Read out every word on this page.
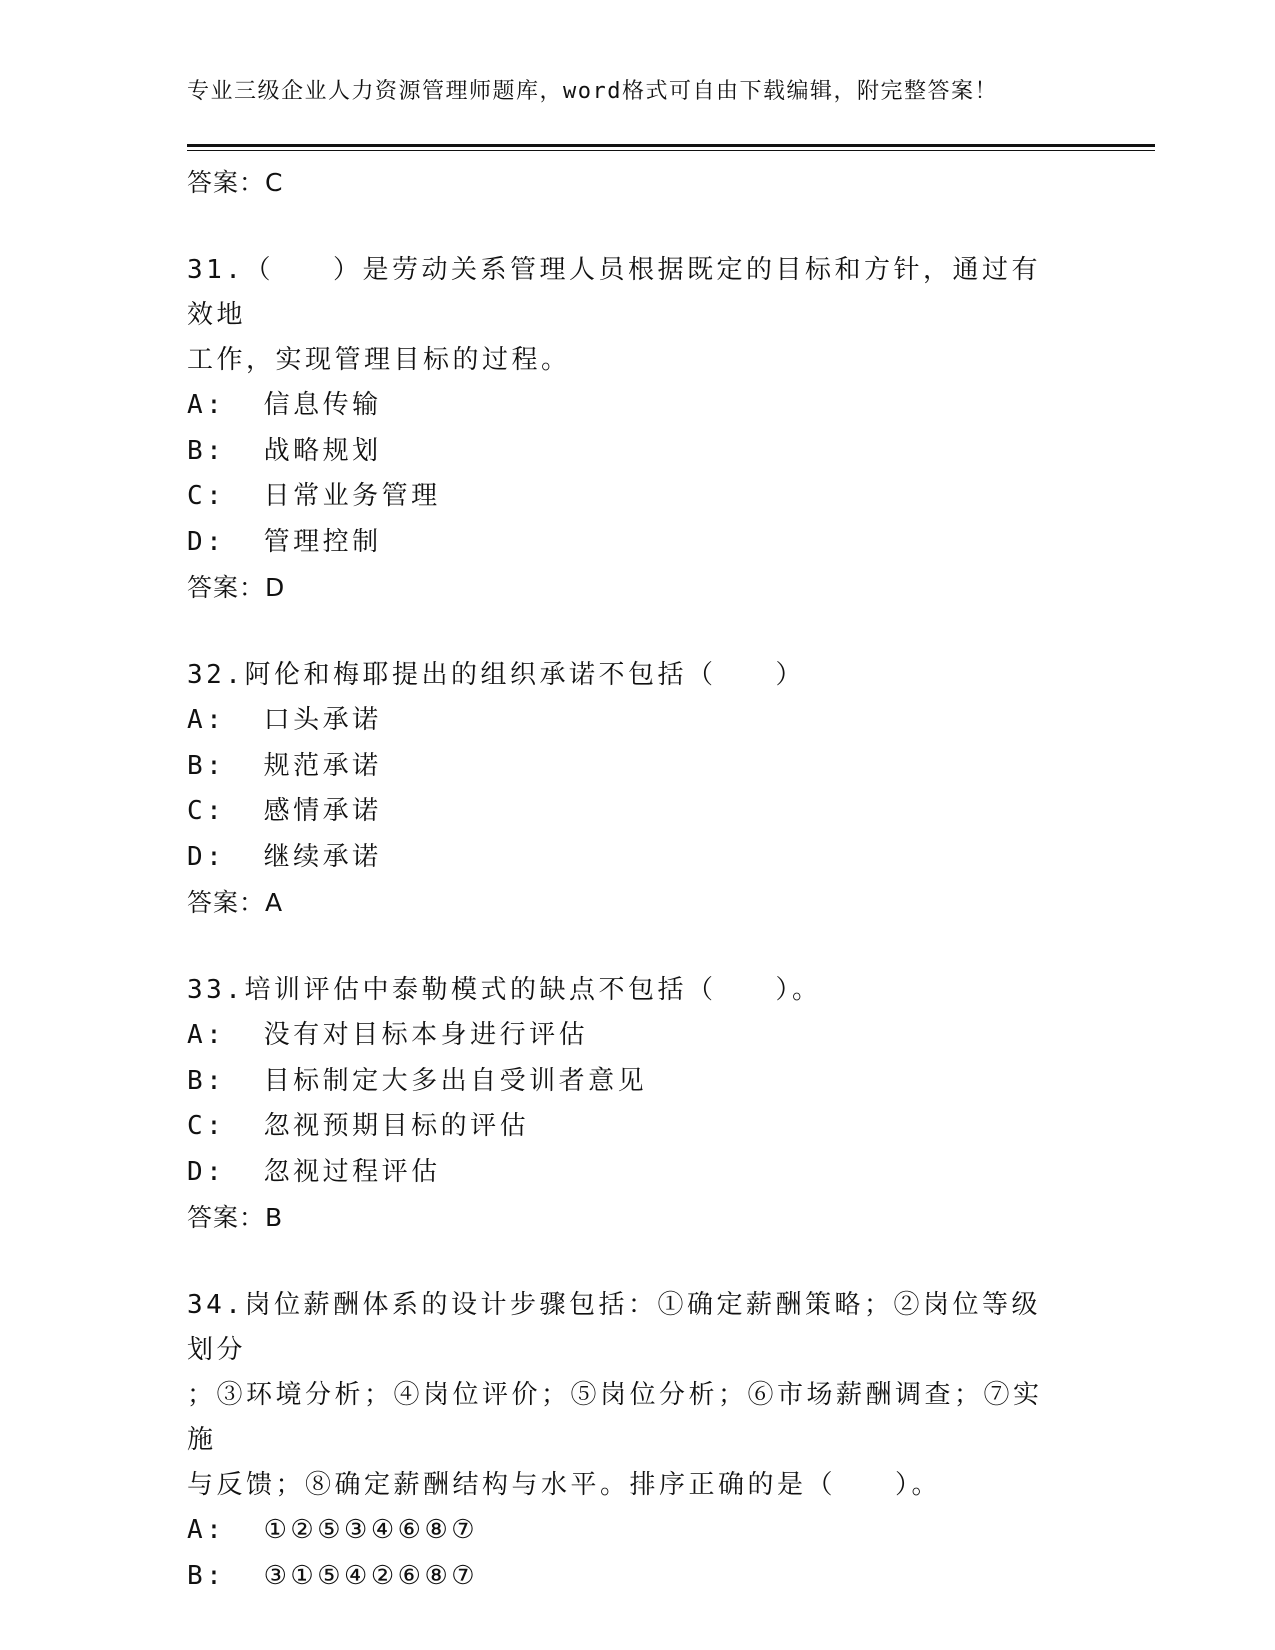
专业三级企业人力资源管理师题库，word格式可自由下载编辑，附完整答案！
答案：C
31.（　　）是劳动关系管理人员根据既定的目标和方针，通过有效地
工作，实现管理目标的过程。
A:  信息传输
B:  战略规划
C:  日常业务管理
D:  管理控制
答案：D
32.阿伦和梅耶提出的组织承诺不包括（　　）
A:  口头承诺
B:  规范承诺
C:  感情承诺
D:  继续承诺
答案：A
33.培训评估中泰勒模式的缺点不包括（　　）。
A:  没有对目标本身进行评估
B:  目标制定大多出自受训者意见
C:  忽视预期目标的评估
D:  忽视过程评估
答案：B
34.岗位薪酬体系的设计步骤包括：①确定薪酬策略；②岗位等级划分
；③环境分析；④岗位评价；⑤岗位分析；⑥市场薪酬调查；⑦实施
与反馈；⑧确定薪酬结构与水平。排序正确的是（　　）。
A:  ①②⑤③④⑥⑧⑦
B:  ③①⑤④②⑥⑧⑦
